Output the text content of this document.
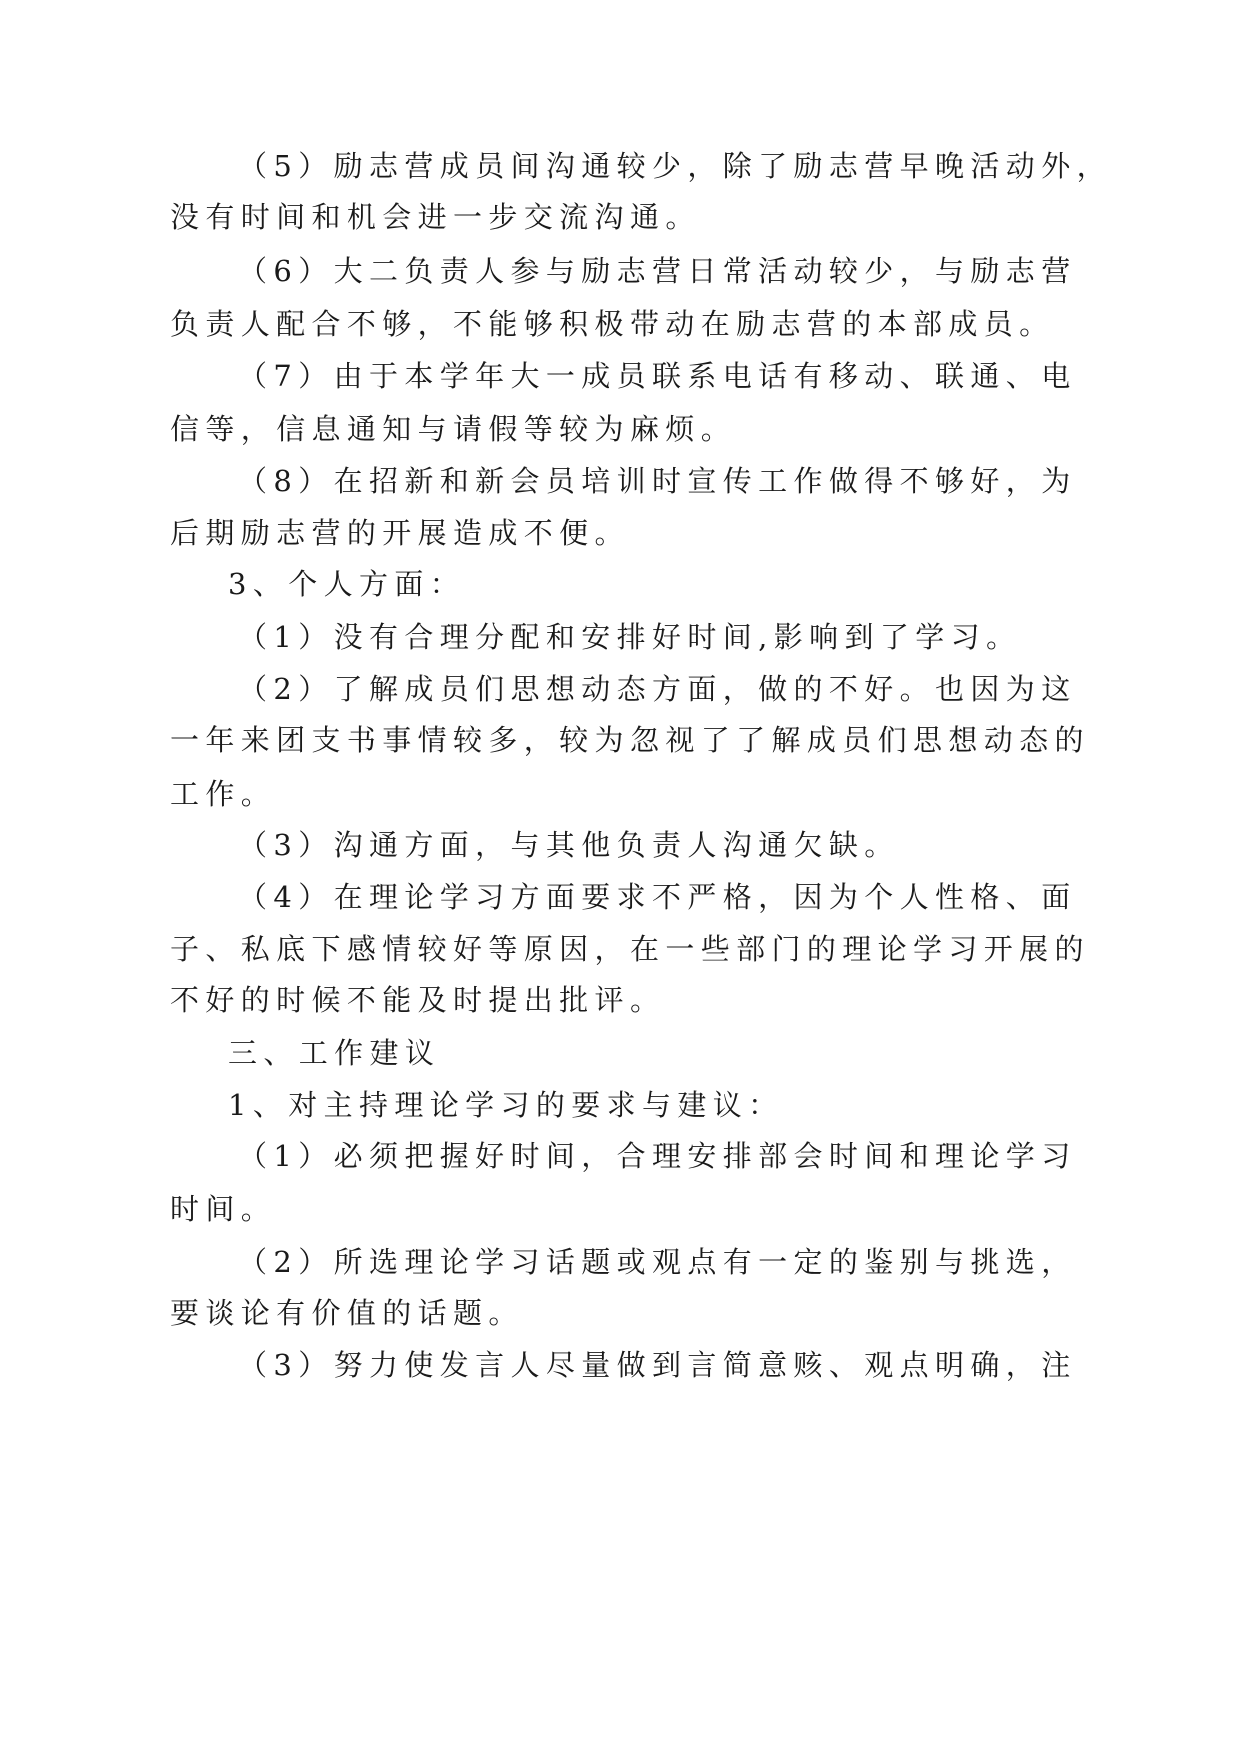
（5）励志营成员间沟通较少，除了励志营早晚活动外，
没有时间和机会进一步交流沟通。
（6）大二负责人参与励志营日常活动较少，与励志营
负责人配合不够，不能够积极带动在励志营的本部成员。
（7）由于本学年大一成员联系电话有移动、联通、电
信等，信息通知与请假等较为麻烦。
（8）在招新和新会员培训时宣传工作做得不够好，为
后期励志营的开展造成不便。
3、个人方面：
（1）没有合理分配和安排好时间,影响到了学习。
（2）了解成员们思想动态方面，做的不好。也因为这
一年来团支书事情较多，较为忽视了了解成员们思想动态的
工作。
（3）沟通方面，与其他负责人沟通欠缺。
（4）在理论学习方面要求不严格，因为个人性格、面
子、私底下感情较好等原因，在一些部门的理论学习开展的
不好的时候不能及时提出批评。
三、工作建议
1、对主持理论学习的要求与建议：
（1）必须把握好时间，合理安排部会时间和理论学习
时间。
（2）所选理论学习话题或观点有一定的鉴别与挑选，
要谈论有价值的话题。
（3）努力使发言人尽量做到言简意赅、观点明确，注
